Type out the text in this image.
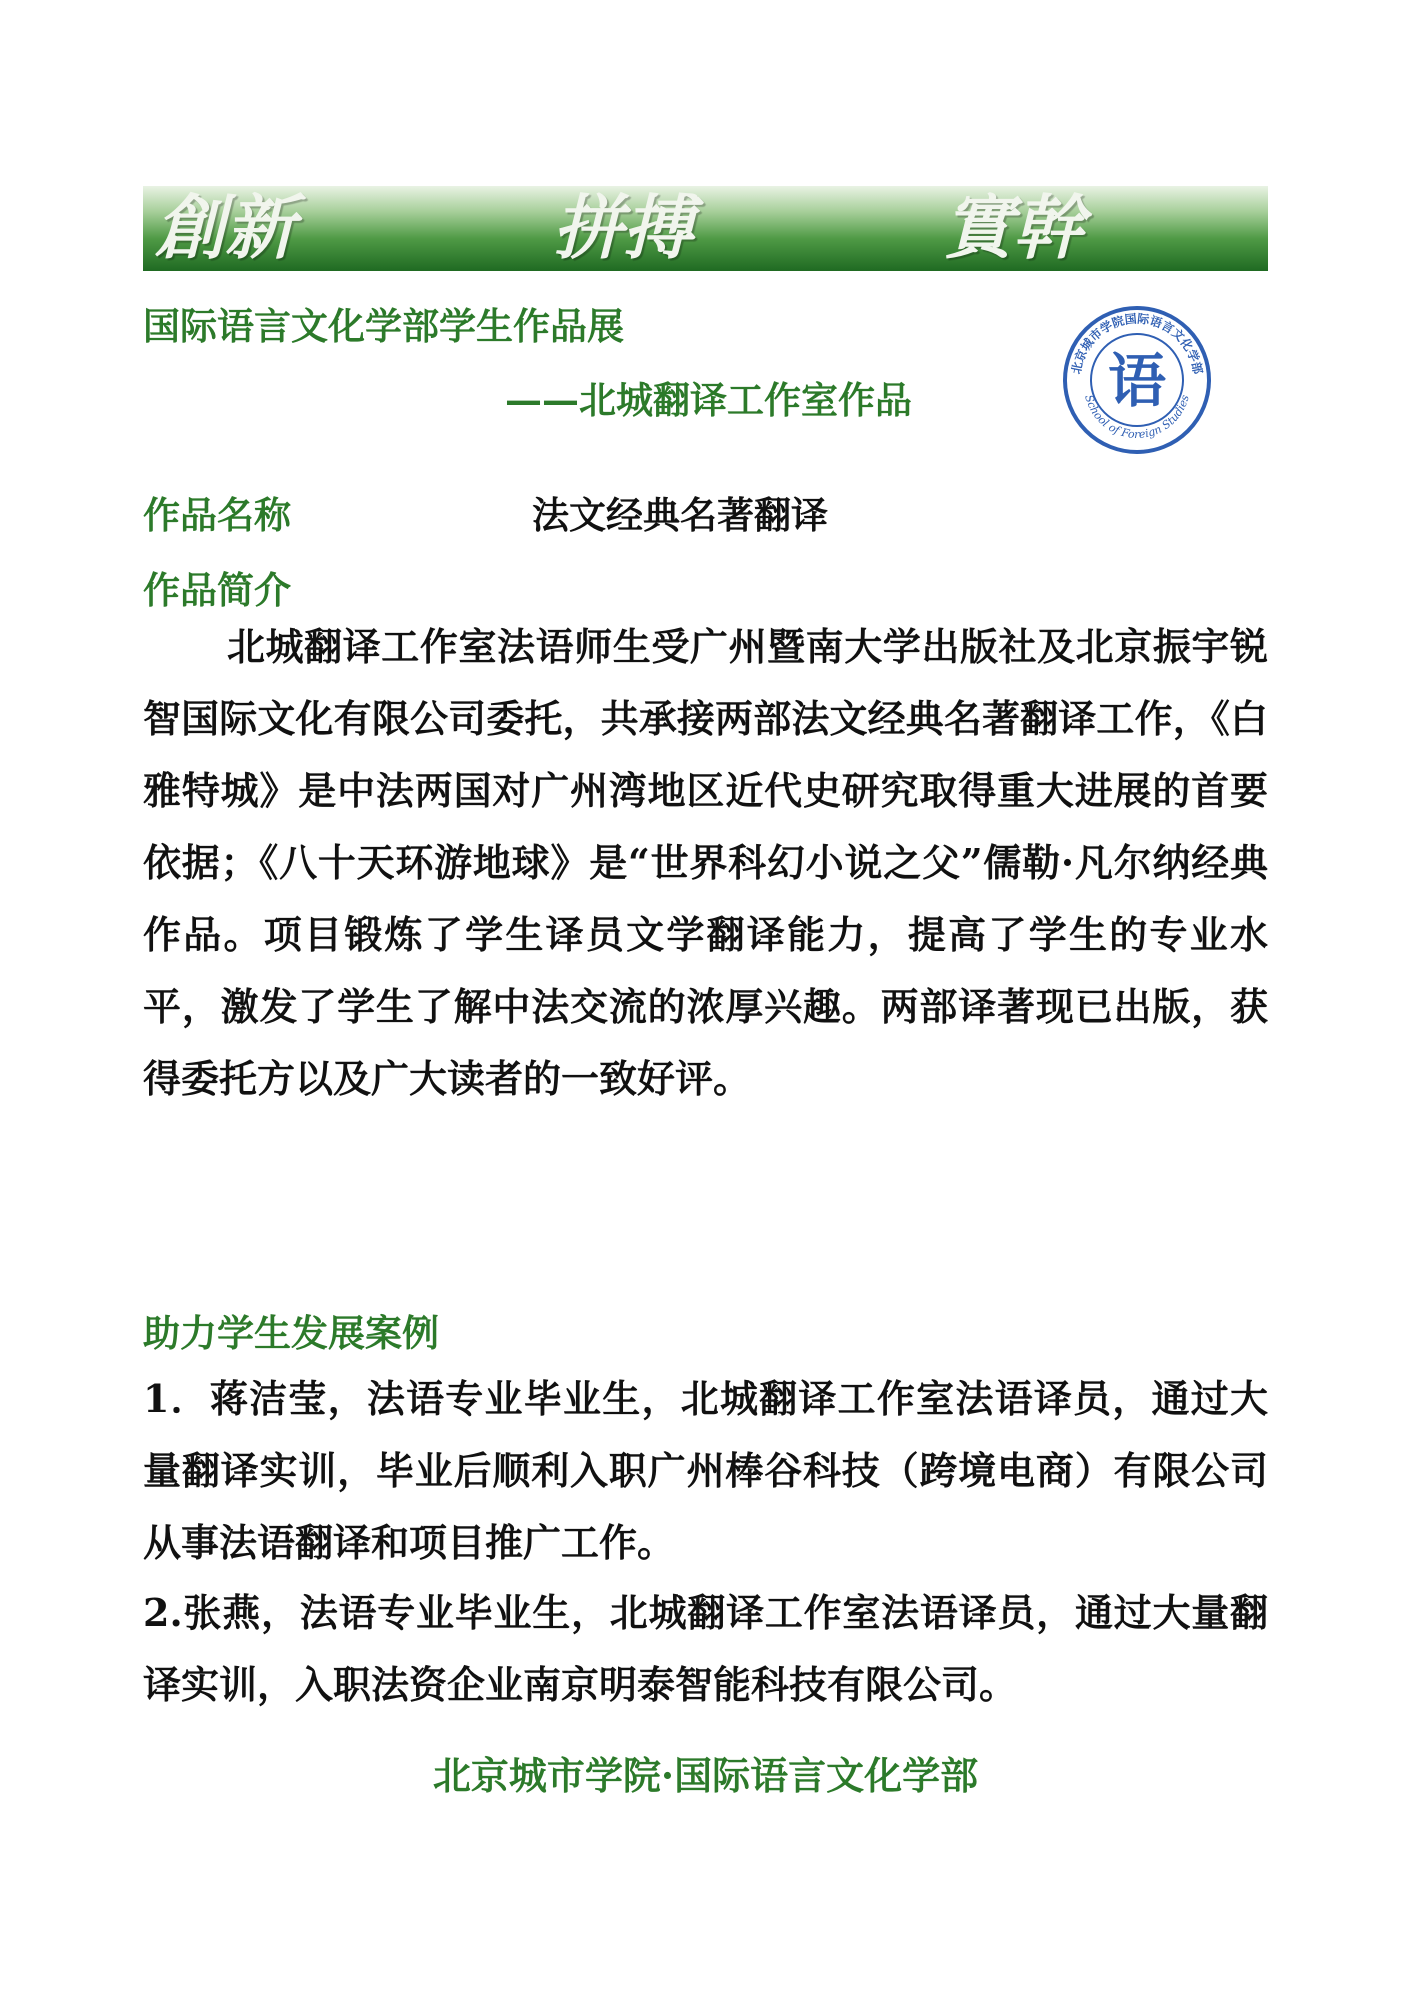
創新	拼搏	實幹
国际语言文化学部学生作品展
——北城翻译工作室作品
北京城市学院国际语言文化学部
School of Foreign Studies
语
作品名称	法文经典名著翻译
作品简介
北城翻译工作室法语师生受广州暨南大学出版社及北京振宇锐智国际文化有限公司委托，共承接两部法文经典名著翻译工作，《白雅特城》是中法两国对广州湾地区近代史研究取得重大进展的首要依据；《八十天环游地球》是“世界科幻小说之父”儒勒·凡尔纳经典作品。项目锻炼了学生译员文学翻译能力，提高了学生的专业水平，激发了学生了解中法交流的浓厚兴趣。两部译著现已出版，获得委托方以及广大读者的一致好评。
助力学生发展案例
1．蒋洁莹，法语专业毕业生，北城翻译工作室法语译员，通过大量翻译实训，毕业后顺利入职广州棒谷科技（跨境电商）有限公司从事法语翻译和项目推广工作。
2.张燕，法语专业毕业生，北城翻译工作室法语译员，通过大量翻译实训，入职法资企业南京明泰智能科技有限公司。
北京城市学院·国际语言文化学部
